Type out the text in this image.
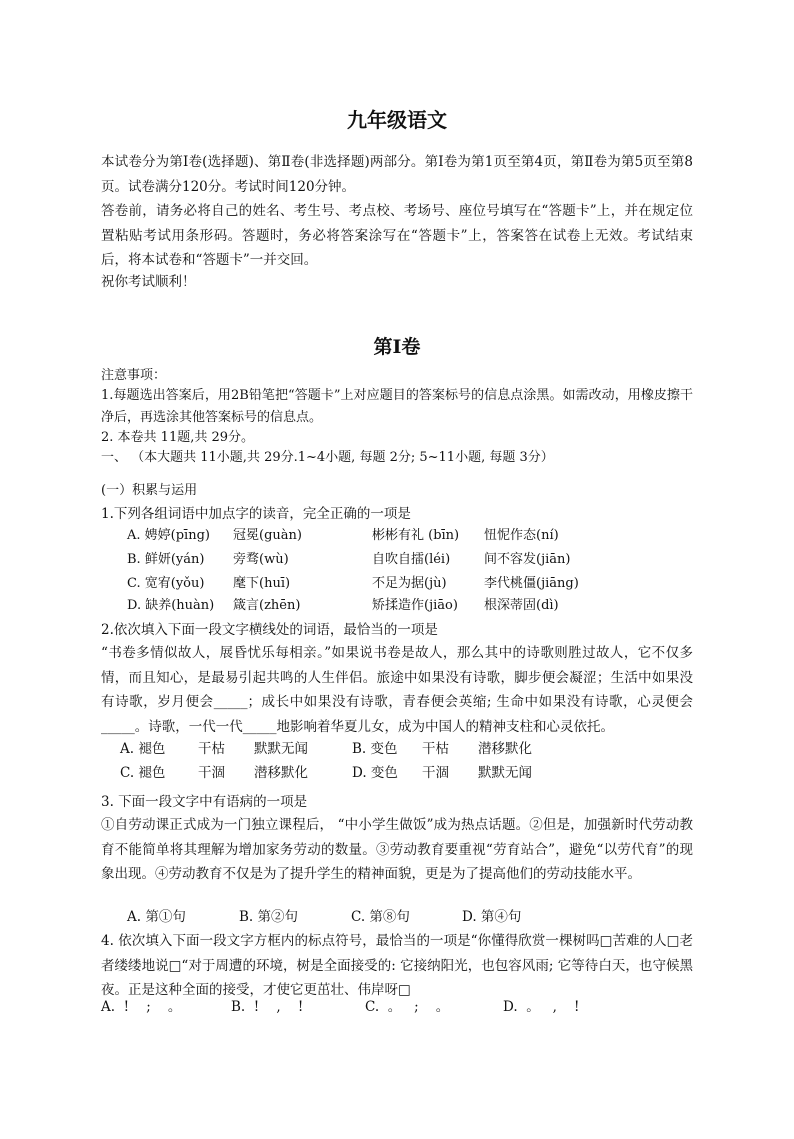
九年级语文
本试卷分为第Ⅰ卷(选择题)、第Ⅱ卷(非选择题)两部分。第Ⅰ卷为第1页至第4页，第Ⅱ卷为第5页至第8页。试卷满分120分。考试时间120分钟。
答卷前，请务必将自己的姓名、考生号、考点校、考场号、座位号填写在“答题卡”上，并在规定位置粘贴考试用条形码。答题时，务必将答案涂写在“答题卡”上，答案答在试卷上无效。考试结束后，将本试卷和“答题卡”一并交回。
祝你考试顺利！
第Ⅰ卷
注意事项：
1.每题选出答案后，用2B铅笔把“答题卡”上对应题目的答案标号的信息点涂黑。如需改动，用橡皮擦干净后，再选涂其他答案标号的信息点。
2. 本卷共 11题,共 29分。
一、 （本大题共 11小题,共 29分.1~4小题, 每题 2分; 5~11小题, 每题 3分）
(一）积累与运用
1.下列各组词语中加点字的读音，完全正确的一项是
A. 娉婷(pīng) 冠冕(guàn)	彬彬有礼 (bīn) 忸怩作态(ní)
B. 鲜妍(yán) 旁骛(wù)	自吹自擂(léi)	间不容发(jiān)
C. 宽宥(yǒu) 麾下(huī)	不足为据(jù)	李代桃僵(jiāng)
D. 缺养(huàn) 箴言(zhēn)	矫揉造作(jiāo) 根深蒂固(dì)
2.依次填入下面一段文字横线处的词语，最恰当的一项是
“书卷多情似故人，展昏忧乐每相亲。”如果说书卷是故人，那么其中的诗歌则胜过故人，它不仅多情，而且知心，是最易引起共鸣的人生伴侣。旅途中如果没有诗歌，脚步便会凝涩；生活中如果没有诗歌，岁月便会_____；成长中如果没有诗歌，青春便会英缩; 生命中如果没有诗歌，心灵便会_____。诗歌，一代一代_____地影响着华夏儿女，成为中国人的精神支柱和心灵依托。
A. 褪色 干枯 默默无闻	B. 变色 干枯 潜移默化
C. 褪色 干涸 潜移默化	D. 变色 干涸 默默无闻
3. 下面一段文字中有语病的一项是
①自劳动课正式成为一门独立课程后， “中小学生做饭”成为热点话题。②但是，加强新时代劳动教育不能简单将其理解为增加家务劳动的数量。③劳动教育要重视“劳育站合”，避免“以劳代育”的现象出现。④劳动教育不仅是为了提升学生的精神面貌，更是为了提高他们的劳动技能水平。
A. 第①句	B. 第②句	C. 第⑧句	D. 第④句
4. 依次填入下面一段文字方框内的标点符号，最恰当的一项是“你懂得欣赏一棵树吗□苦难的人□老者缕缕地说□“对于周遭的环境，树是全面接受的: 它接纳阳光，也包容风雨; 它等待白天，也守候黑夜。正是这种全面的接受，才使它更茁壮、伟岸呀□

A.  !    ;    。

	B.  !    ,    !

	C.  。   ;    。

	D.  。   ,    !
